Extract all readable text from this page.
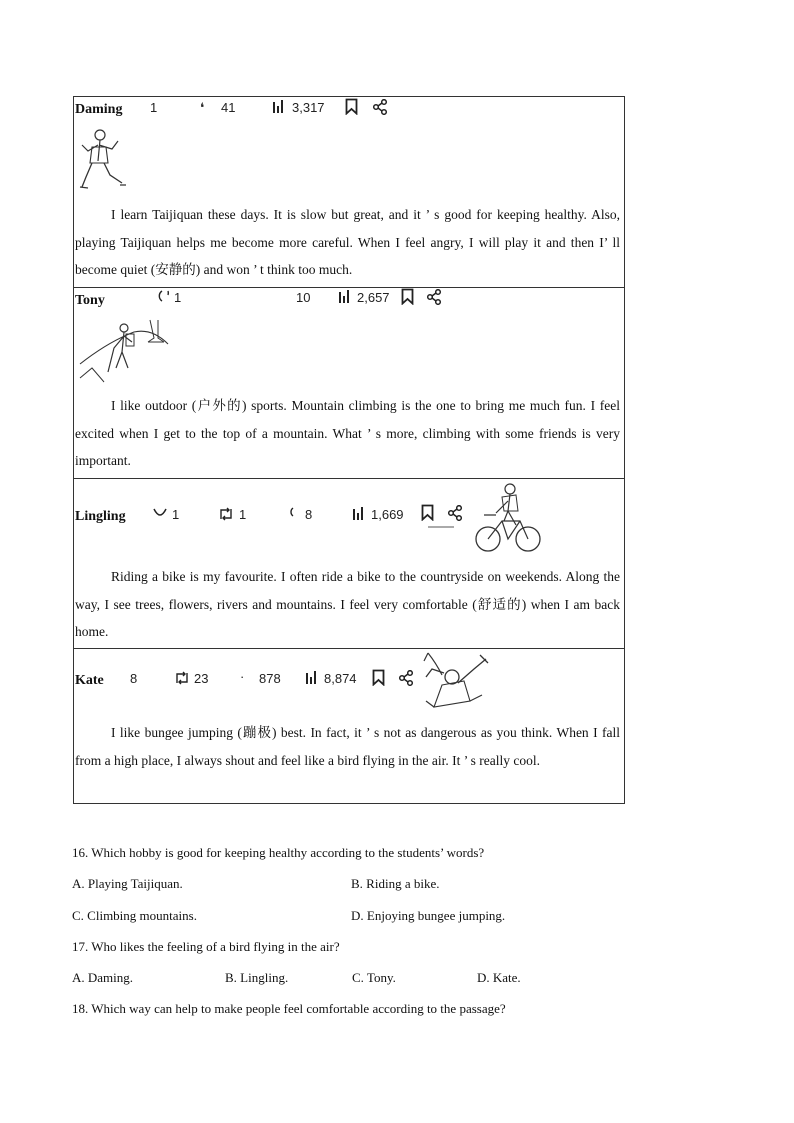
Daming 1	❛ 41	3,317

I learn Taijiquan these days. It is slow but great, and it ’ s good for keeping healthy. Also, playing Taijiquan helps me become more careful. When I feel angry, I will play it and then I’ ll become quiet (安静的) and won ’ t think too much.

Tony	1	10	2,657

I like outdoor (户外的) sports. Mountain climbing is the one to bring me much fun. I feel excited when I get to the top of a mountain. What ’ s more, climbing with some friends is very important.

Lingling	1	1	8	1,669

Riding a bike is my favourite. I often ride a bike to the countryside on weekends. Along the way, I see trees, flowers, rivers and mountains. I feel very comfortable (舒适的) when I am back home.

Kate 8	23 · 878	8,874

I like bungee jumping (蹦极) best. In fact, it ’ s not as dangerous as you think. When I fall from a high place, I always shout and feel like a bird flying in the air. It ’ s really cool.

16. Which hobby is good for keeping healthy according to the students’ words?
A. Playing Taijiquan.	B. Riding a bike.
C. Climbing mountains.	D. Enjoying bungee jumping.
17. Who likes the feeling of a bird flying in the air?
A. Daming.	B. Lingling.	C. Tony.	D. Kate.
18. Which way can help to make people feel comfortable according to the passage?
